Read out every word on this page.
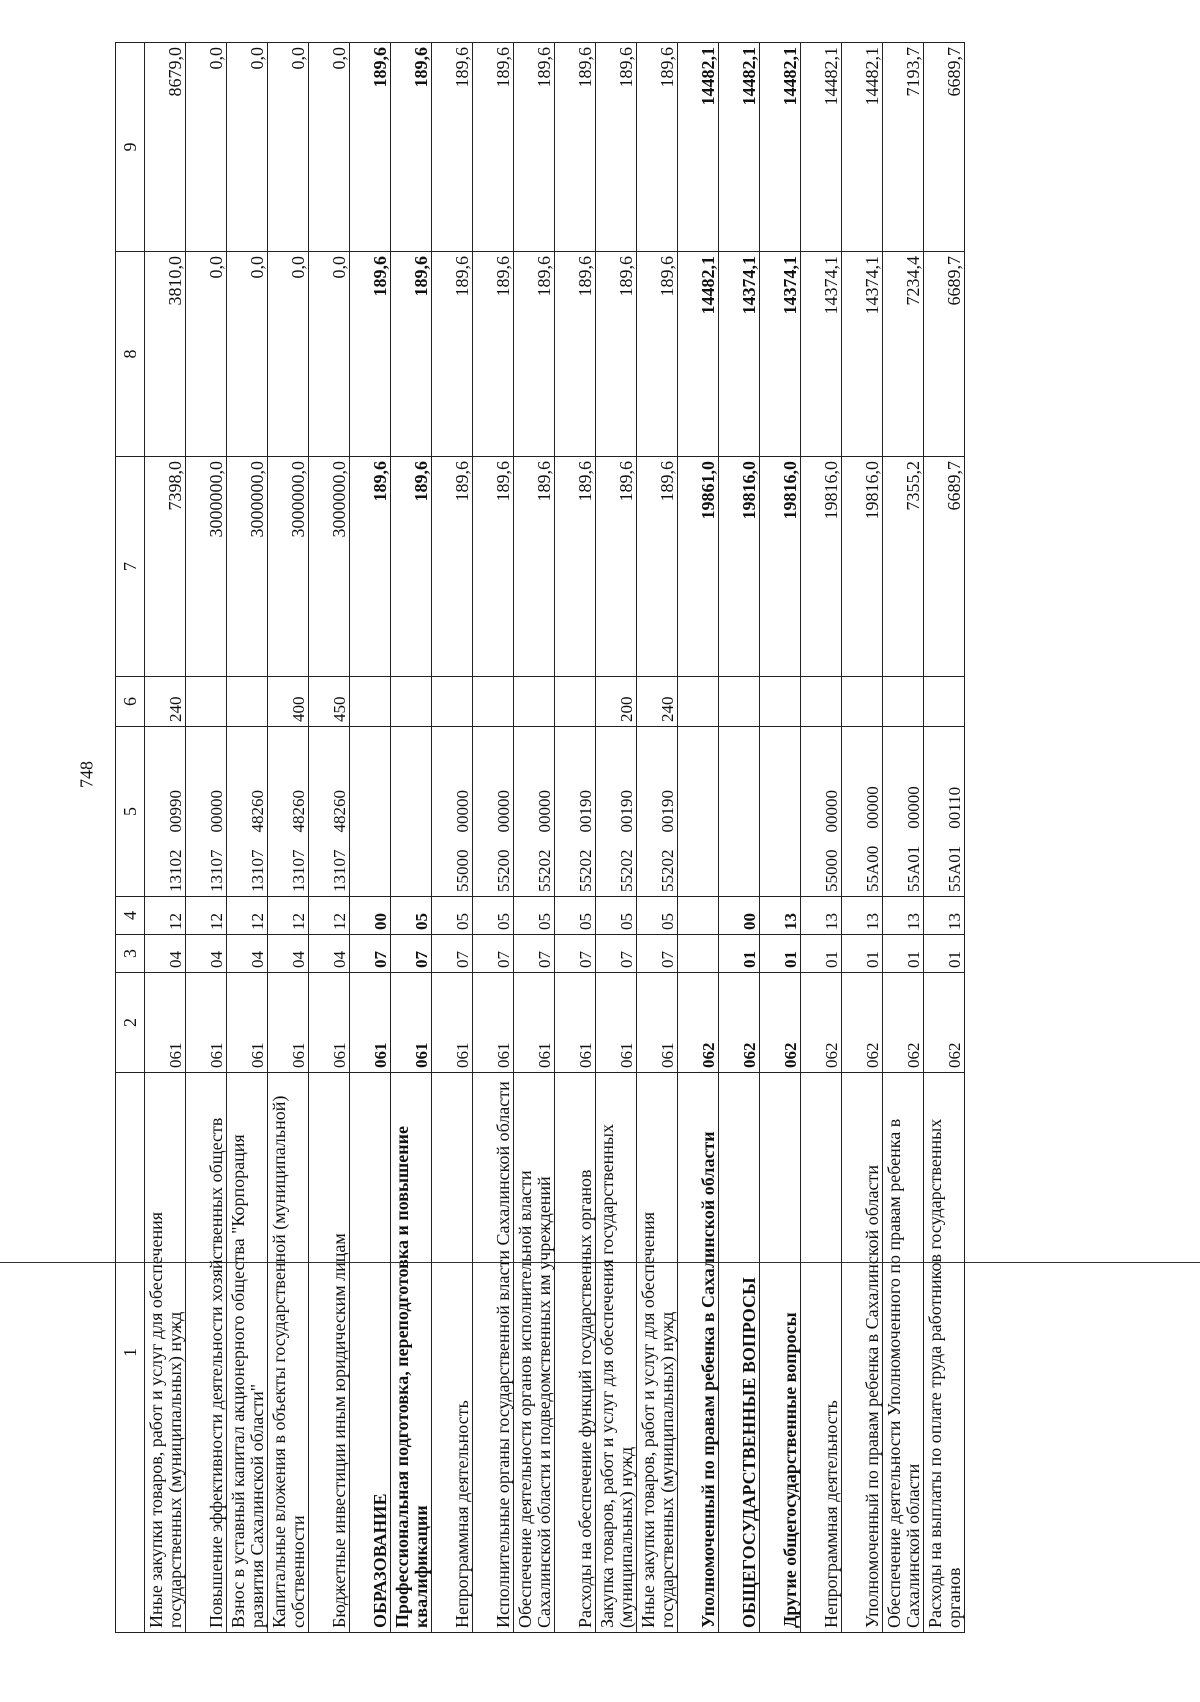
748
1	2	3	4	5	6	7	8	9
Иные закупки товаров, работ и услуг для обеспечения государственных (муниципальных) нужд	061	04	12	13102    00990	240	7398,0	3810,0	8679,0
Повышение эффективности деятельности хозяйственных обществ	061	04	12	13107    00000		3000000,0	0,0	0,0
Взнос в уставный капитал акционерного общества "Корпорация развития Сахалинской области"	061	04	12	13107    48260		3000000,0	0,0	0,0
Капитальные вложения в объекты государственной (муниципальной) собственности	061	04	12	13107    48260	400	3000000,0	0,0	0,0
Бюджетные инвестиции иным юридическим лицам	061	04	12	13107    48260	450	3000000,0	0,0	0,0
ОБРАЗОВАНИЕ	061	07	00			189,6	189,6	189,6
Профессиональная подготовка, переподготовка и повышение квалификации	061	07	05			189,6	189,6	189,6
Непрограммная деятельность	061	07	05	55000    00000		189,6	189,6	189,6
Исполнительные органы государственной власти Сахалинской области	061	07	05	55200    00000		189,6	189,6	189,6
Обеспечение деятельности органов исполнительной власти Сахалинской области и подведомственных им учреждений	061	07	05	55202    00000		189,6	189,6	189,6
Расходы на обеспечение функций государственных органов	061	07	05	55202    00190		189,6	189,6	189,6
Закупка товаров, работ и услуг для обеспечения государственных (муниципальных) нужд	061	07	05	55202    00190	200	189,6	189,6	189,6
Иные закупки товаров, работ и услуг для обеспечения государственных (муниципальных) нужд	061	07	05	55202    00190	240	189,6	189,6	189,6
Уполномоченный по правам ребенка в Сахалинской области	062					19861,0	14482,1	14482,1
ОБЩЕГОСУДАРСТВЕННЫЕ ВОПРОСЫ	062	01	00			19816,0	14374,1	14482,1
Другие общегосударственные вопросы	062	01	13			19816,0	14374,1	14482,1
Непрограммная деятельность	062	01	13	55000    00000		19816,0	14374,1	14482,1
Уполномоченный по правам ребенка в Сахалинской области	062	01	13	55A00    00000		19816,0	14374,1	14482,1
Обеспечение деятельности Уполномоченного по правам ребенка в Сахалинской области	062	01	13	55A01    00000		7355,2	7234,4	7193,7
Расходы на выплаты по оплате труда работников государственных органов	062	01	13	55A01    00110		6689,7	6689,7	6689,7
